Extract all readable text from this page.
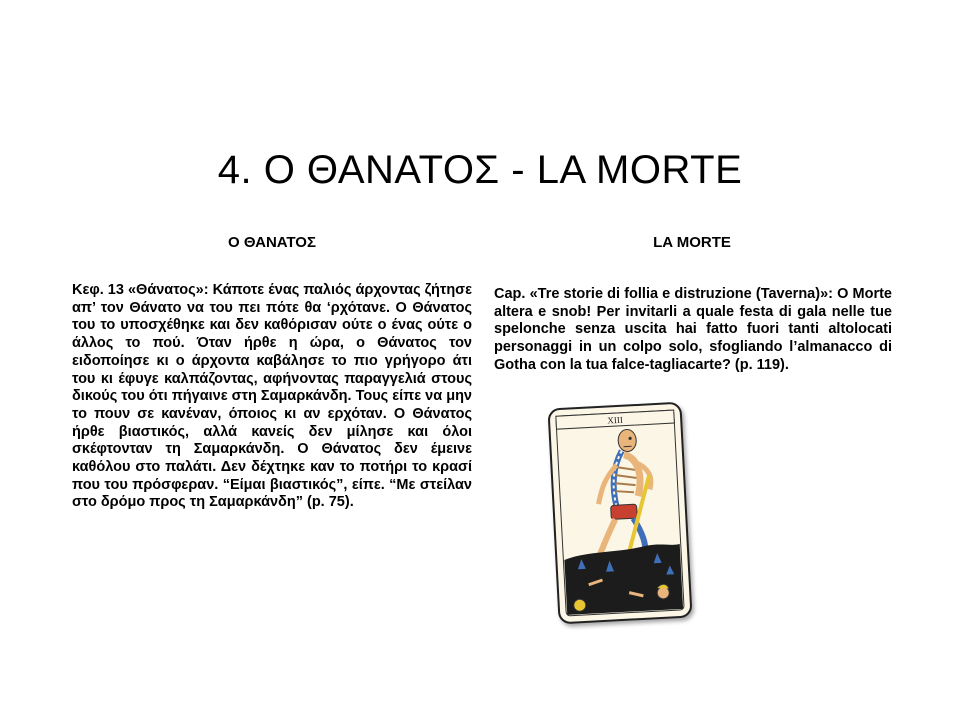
4. Ο ΘΑΝΑΤΟΣ - LA MORTE
Ο ΘΑΝΑΤΟΣ	LA MORTE

Κεφ. 13 «Θάνατος»: Κάποτε ένας παλιός άρχοντας ζήτησε απ’ τον Θάνατο να του πει πότε θα ‘ρχότανε. Ο Θάνατος του το υποσχέθηκε και δεν καθόρισαν ούτε ο ένας ούτε ο άλλος το πού. Όταν ήρθε η ώρα, ο Θάνατος τον ειδοποίησε κι ο άρχοντα καβάλησε το πιο γρήγορο άτι του κι έφυγε καλπάζοντας, αφήνοντας παραγγελιά στους δικούς του ότι πήγαινε στη Σαμαρκάνδη. Τους είπε να μην το πουν σε κανέναν, όποιος κι αν ερχόταν. Ο Θάνατος ήρθε βιαστικός, αλλά κανείς δεν μίλησε και όλοι σκέφτονταν τη Σαμαρκάνδη. Ο Θάνατος δεν έμεινε καθόλου στο παλάτι. Δεν δέχτηκε καν το ποτήρι το κρασί που του πρόσφεραν. “Είμαι βιαστικός”, είπε. “Με στείλαν στο δρόμο προς τη Σαμαρκάνδη” (p. 75).

Cap. «Tre storie di follia e distruzione (Taverna)»: O Morte altera e snob! Per invitarli a quale festa di gala nelle tue spelonche senza uscita hai fatto fuori tanti altolocati personaggi in un colpo solo, sfogliando l’almanacco di Gotha con la tua falce-tagliacarte? (p. 119).

XIII
